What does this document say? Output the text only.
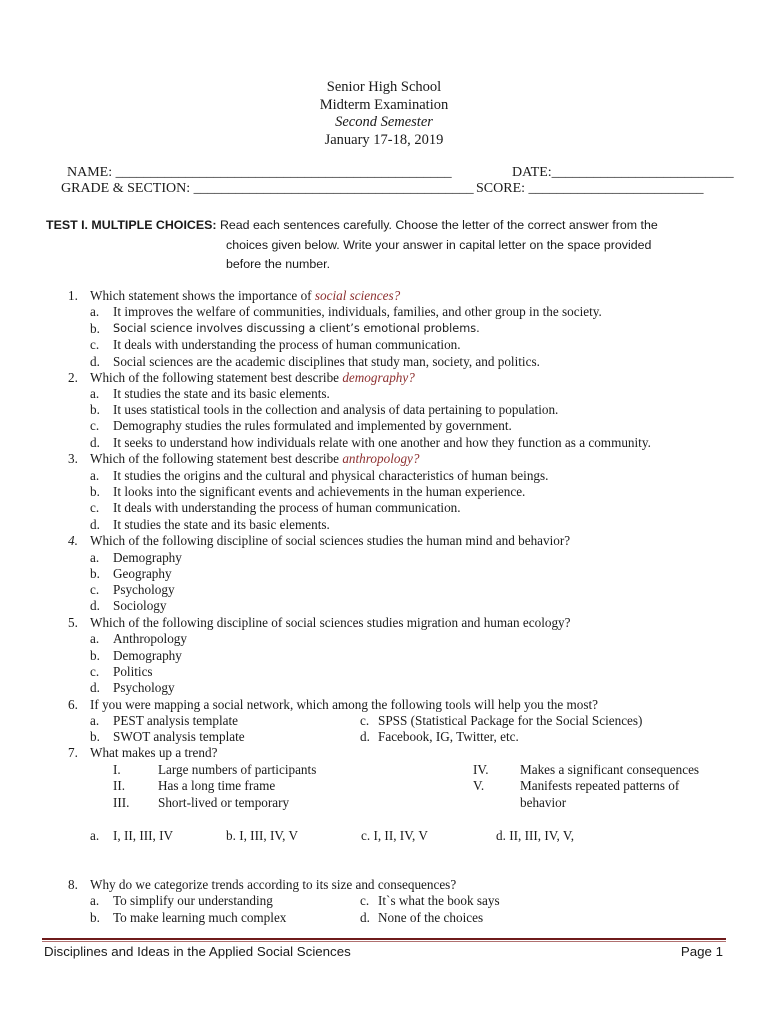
Senior High School
Midterm Examination
Second Semester
January 17-18, 2019
NAME: ________________________________________________	DATE:__________________________
GRADE & SECTION: ________________________________________ SCORE: _________________________
TEST I. MULTIPLE CHOICES: Read each sentences carefully. Choose the letter of the correct answer from the
choices given below. Write your answer in capital letter on the space provided
before the number.
1. Which statement shows the importance of social sciences?
a. It improves the welfare of communities, individuals, families, and other group in the society.
b. Social science involves discussing a client’s emotional problems.
c. It deals with understanding the process of human communication.
d. Social sciences are the academic disciplines that study man, society, and politics.
2. Which of the following statement best describe demography?
a. It studies the state and its basic elements.
b. It uses statistical tools in the collection and analysis of data pertaining to population.
c. Demography studies the rules formulated and implemented by government.
d. It seeks to understand how individuals relate with one another and how they function as a community.
3. Which of the following statement best describe anthropology?
a. It studies the origins and the cultural and physical characteristics of human beings.
b. It looks into the significant events and achievements in the human experience.
c. It deals with understanding the process of human communication.
d. It studies the state and its basic elements.
4. Which of the following discipline of social sciences studies the human mind and behavior?
a. Demography
b. Geography
c. Psychology
d. Sociology
5. Which of the following discipline of social sciences studies migration and human ecology?
a. Anthropology
b. Demography
c. Politics
d. Psychology
6. If you were mapping a social network, which among the following tools will help you the most?
a. PEST analysis template	c. SPSS (Statistical Package for the Social Sciences)
b. SWOT analysis template	d. Facebook, IG, Twitter, etc.
7. What makes up a trend?
I.	Large numbers of participants
II. Has a long time frame
III. Short-lived or temporary
IV. Makes a significant consequences
V.	Manifests repeated patterns of
behavior
a. I, II, III, IV	b. I, III, IV, V	c. I, II, IV, V	d. II, III, IV, V,
8. Why do we categorize trends according to its size and consequences?
a. To simplify our understanding	c. It`s what the book says
b. To make learning much complex	d. None of the choices
Disciplines and Ideas in the Applied Social Sciences	Page 1
